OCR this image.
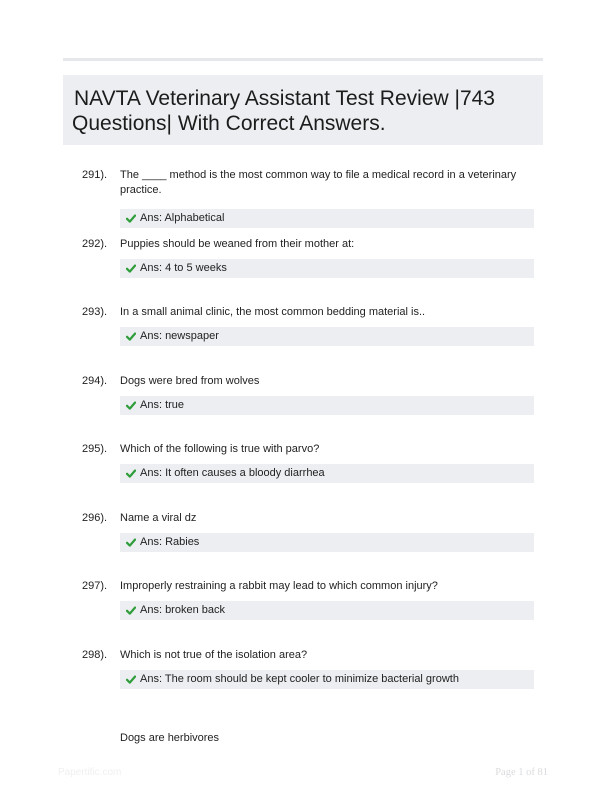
NAVTA Veterinary Assistant Test Review |743 Questions| With Correct Answers.
291). The ____ method is the most common way to file a medical record in a veterinary practice.
Ans: Alphabetical
292). Puppies should be weaned from their mother at:
Ans: 4 to 5 weeks
293). In a small animal clinic, the most common bedding material is..
Ans: newspaper
294). Dogs were bred from wolves
Ans: true
295). Which of the following is true with parvo?
Ans: It often causes a bloody diarrhea
296). Name a viral dz
Ans: Rabies
297). Improperly restraining a rabbit may lead to which common injury?
Ans: broken back
298). Which is not true of the isolation area?
Ans: The room should be kept cooler to minimize bacterial growth
Dogs are herbivores
Papertific.com	Page 1 of 81
